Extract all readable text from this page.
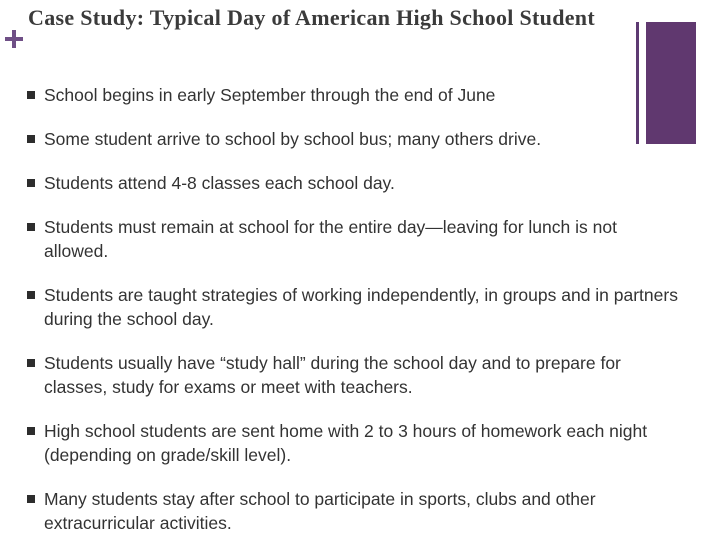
Case Study: Typical Day of American High School Student
School begins in early September through the end of June
Some student arrive to school by school bus; many others drive.
Students attend 4-8 classes each school day.
Students must remain at school for the entire day—leaving for lunch is not allowed.
Students are taught strategies of working independently, in groups and in partners during the school day.
Students usually have “study hall” during the school day and to prepare for classes, study for exams or meet with teachers.
High school students are sent home with 2 to 3 hours of homework each night (depending on grade/skill level).
Many students stay after school to participate in sports, clubs and other extracurricular activities.
